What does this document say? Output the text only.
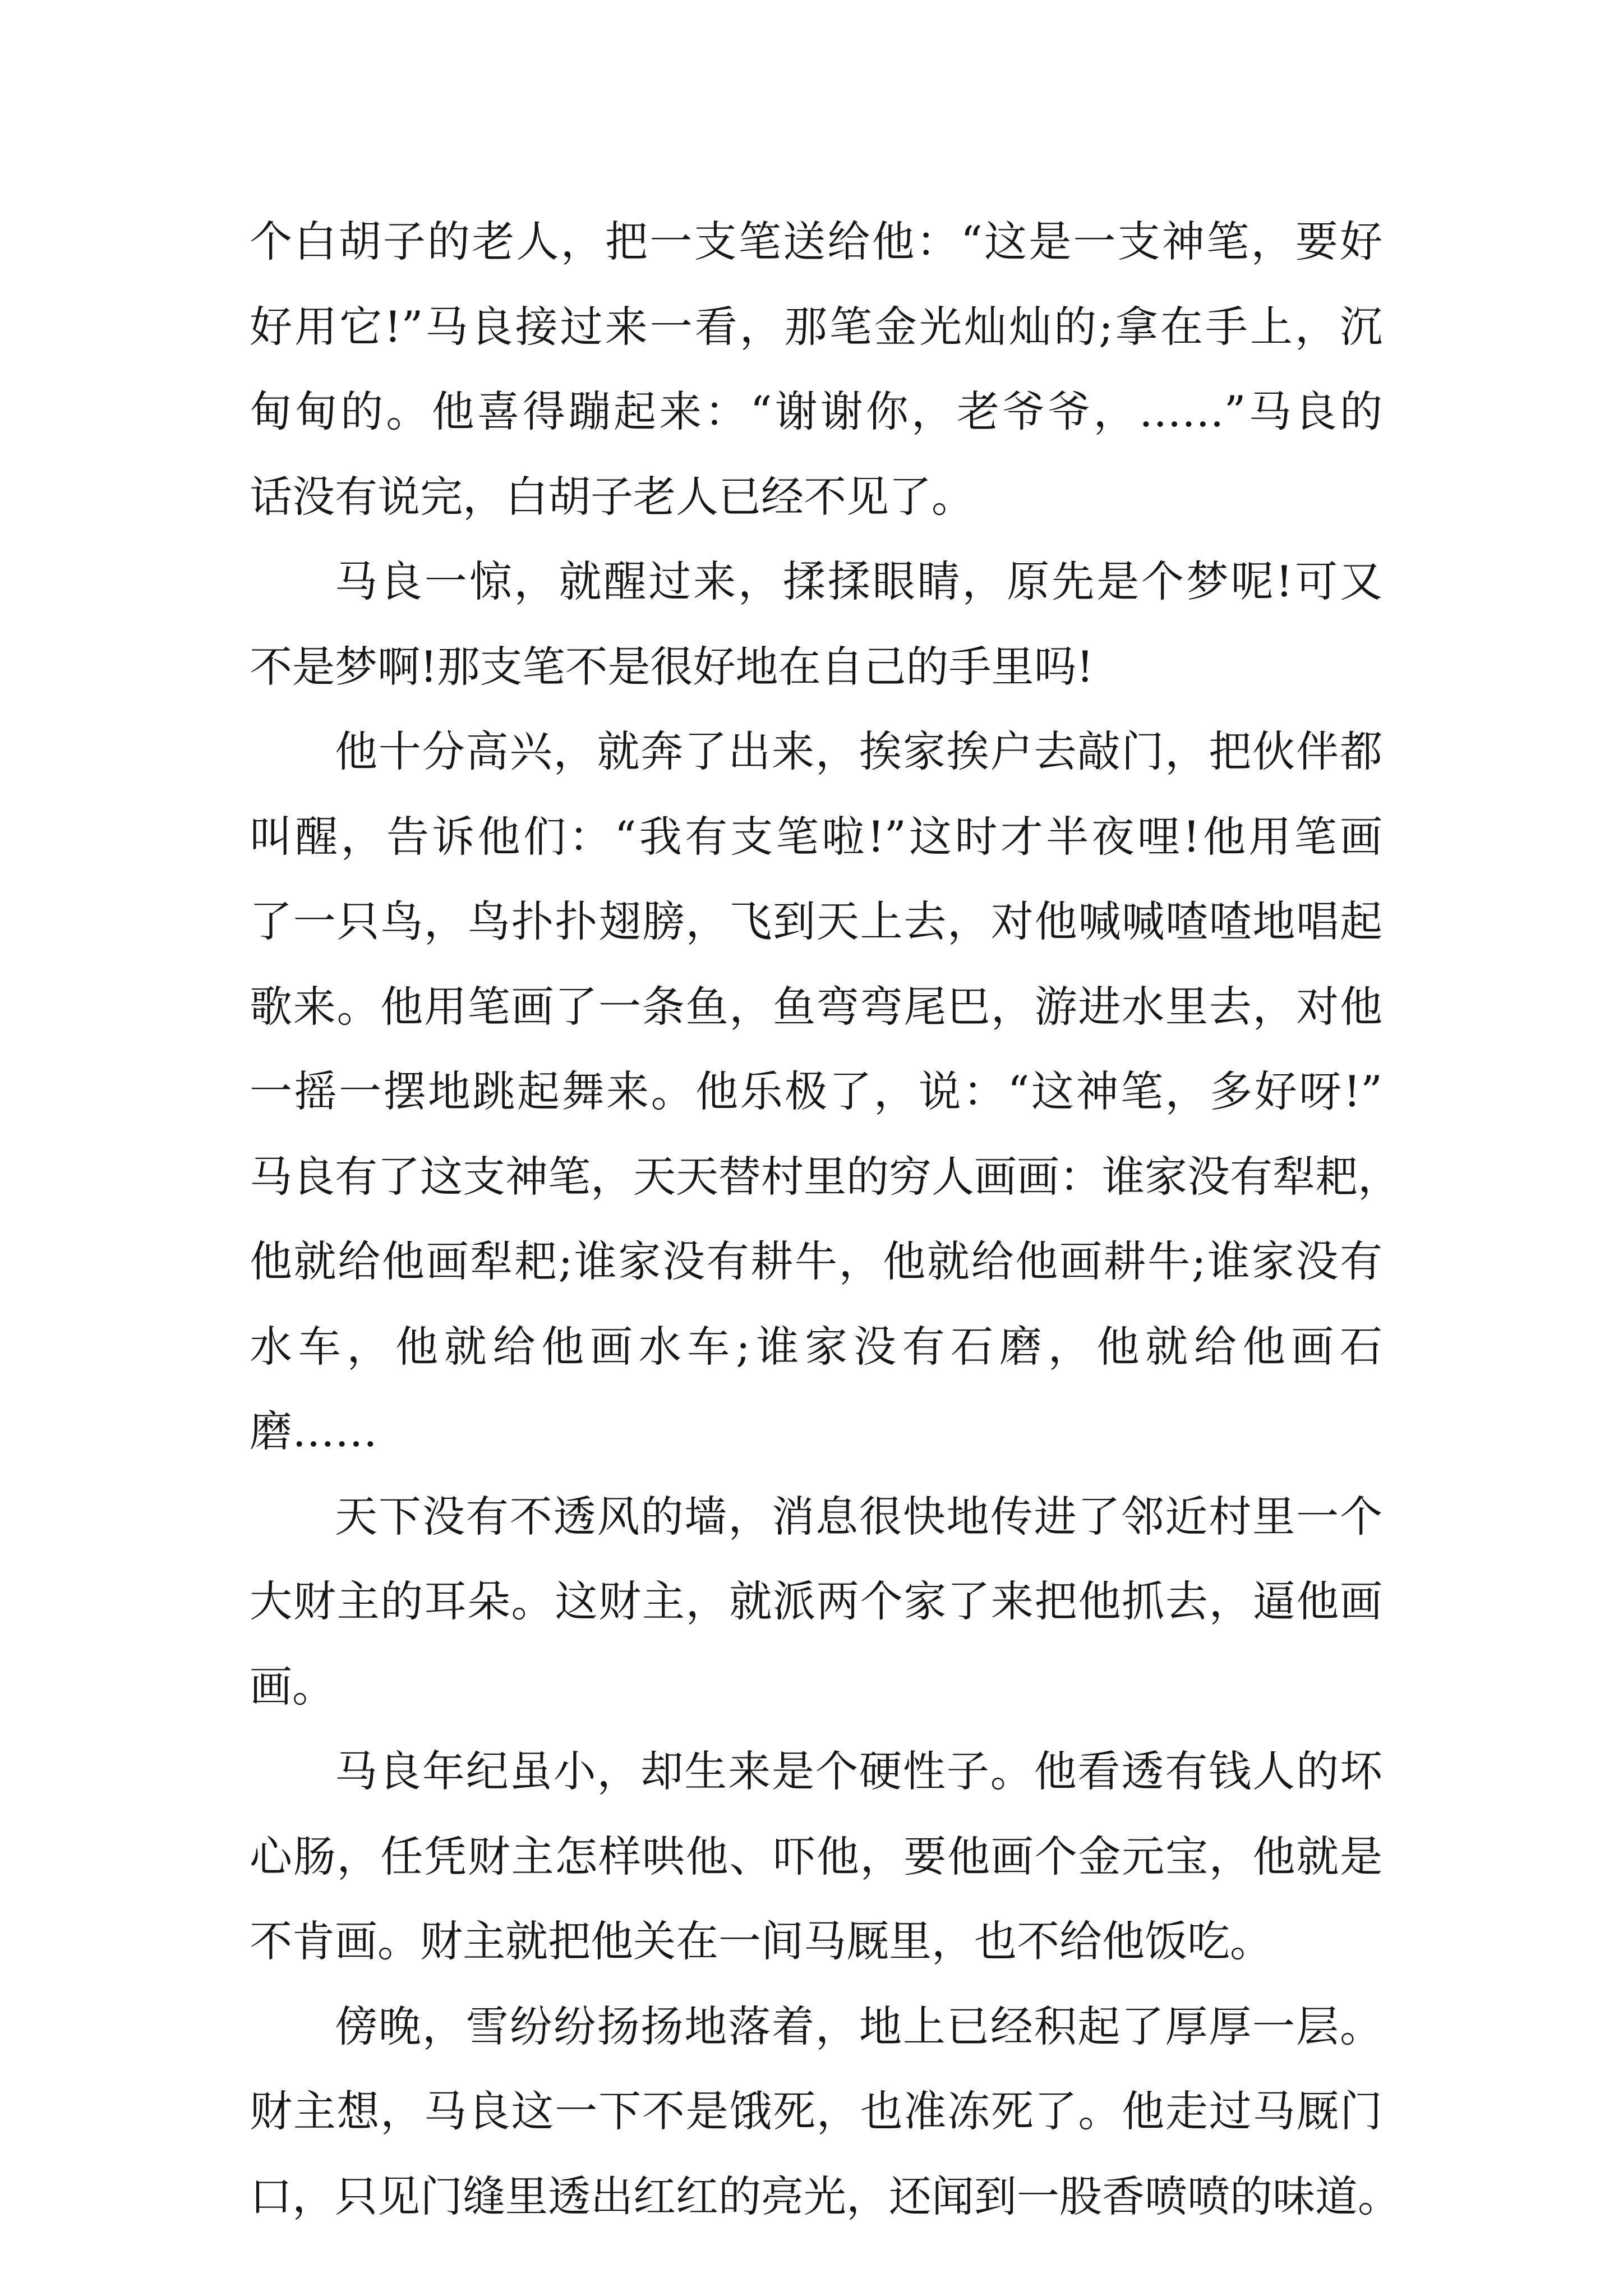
个白胡子的老人，把一支笔送给他：“这是一支神笔，要好
好用它!”马良接过来一看，那笔金光灿灿的;拿在手上，沉
甸甸的。他喜得蹦起来：“谢谢你，老爷爷，……”马良的
话没有说完，白胡子老人已经不见了。
马良一惊，就醒过来，揉揉眼睛，原先是个梦呢!可又
不是梦啊!那支笔不是很好地在自己的手里吗!
他十分高兴，就奔了出来，挨家挨户去敲门，把伙伴都
叫醒，告诉他们：“我有支笔啦!”这时才半夜哩!他用笔画
了一只鸟，鸟扑扑翅膀，飞到天上去，对他喊喊喳喳地唱起
歌来。他用笔画了一条鱼，鱼弯弯尾巴，游进水里去，对他
一摇一摆地跳起舞来。他乐极了，说：“这神笔，多好呀!”
马良有了这支神笔，天天替村里的穷人画画：谁家没有犁耙，
他就给他画犁耙;谁家没有耕牛，他就给他画耕牛;谁家没有
水车，他就给他画水车;谁家没有石磨，他就给他画石
磨……
天下没有不透风的墙，消息很快地传进了邻近村里一个
大财主的耳朵。这财主，就派两个家了来把他抓去，逼他画
画。
马良年纪虽小，却生来是个硬性子。他看透有钱人的坏
心肠，任凭财主怎样哄他、吓他，要他画个金元宝，他就是
不肯画。财主就把他关在一间马厩里，也不给他饭吃。
傍晚，雪纷纷扬扬地落着，地上已经积起了厚厚一层。
财主想，马良这一下不是饿死，也准冻死了。他走过马厩门
口，只见门缝里透出红红的亮光，还闻到一股香喷喷的味道。
